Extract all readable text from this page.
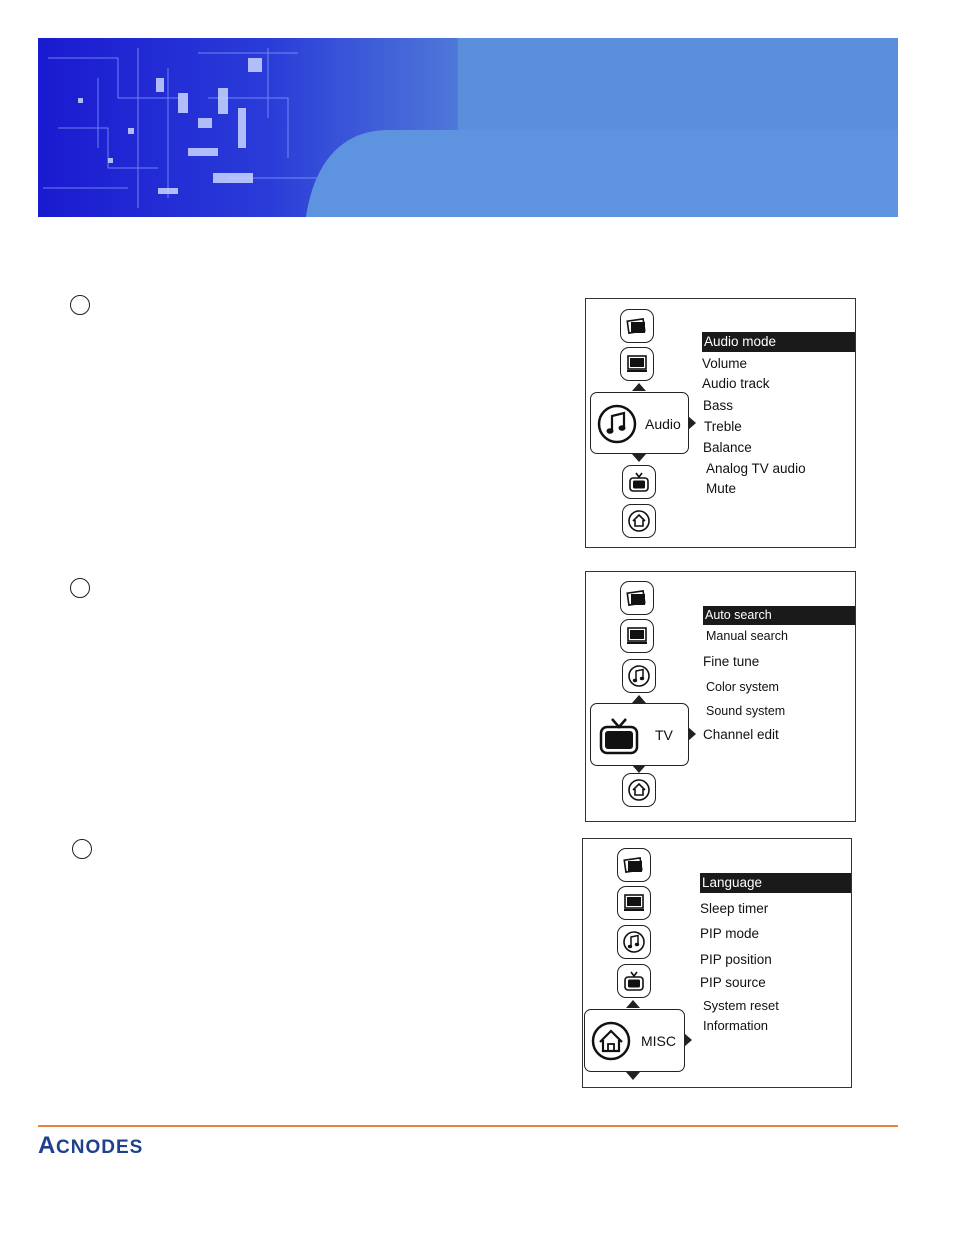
Audio
Audio mode
Volume
Audio track
Bass
Treble
Balance
Analog TV audio
Mute
TV
Auto search
Manual search
Fine tune
Color system
Sound system
Channel edit
MISC
Language
Sleep timer
PIP mode
PIP position
PIP source
System reset
Information
A CNODES
